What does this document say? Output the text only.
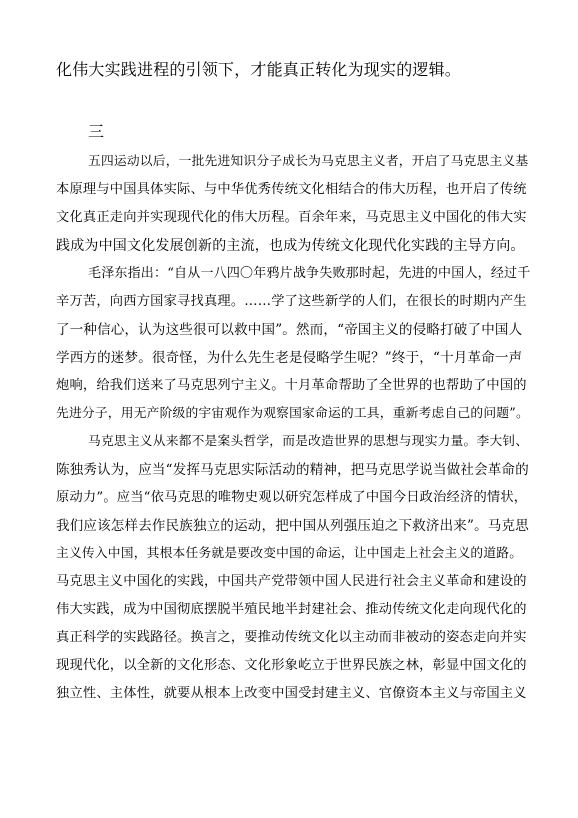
化伟大实践进程的引领下，才能真正转化为现实的逻辑。
三
五四运动以后，一批先进知识分子成长为马克思主义者，开启了马克思主义基
本原理与中国具体实际、与中华优秀传统文化相结合的伟大历程，也开启了传统
文化真正走向并实现现代化的伟大历程。百余年来，马克思主义中国化的伟大实
践成为中国文化发展创新的主流，也成为传统文化现代化实践的主导方向。
毛泽东指出：“自从一八四〇年鸦片战争失败那时起，先进的中国人，经过千
辛万苦，向西方国家寻找真理。……学了这些新学的人们，在很长的时期内产生
了一种信心，认为这些很可以救中国”。然而，“帝国主义的侵略打破了中国人
学西方的迷梦。很奇怪，为什么先生老是侵略学生呢？”终于，“十月革命一声
炮响，给我们送来了马克思列宁主义。十月革命帮助了全世界的也帮助了中国的
先进分子，用无产阶级的宇宙观作为观察国家命运的工具，重新考虑自己的问题”。
马克思主义从来都不是案头哲学，而是改造世界的思想与现实力量。李大钊、
陈独秀认为，应当“发挥马克思实际活动的精神，把马克思学说当做社会革命的
原动力”。应当“依马克思的唯物史观以研究怎样成了中国今日政治经济的情状，
我们应该怎样去作民族独立的运动，把中国从列强压迫之下救济出来”。马克思
主义传入中国，其根本任务就是要改变中国的命运，让中国走上社会主义的道路。
马克思主义中国化的实践，中国共产党带领中国人民进行社会主义革命和建设的
伟大实践，成为中国彻底摆脱半殖民地半封建社会、推动传统文化走向现代化的
真正科学的实践路径。换言之，要推动传统文化以主动而非被动的姿态走向并实
现现代化，以全新的文化形态、文化形象屹立于世界民族之林，彰显中国文化的
独立性、主体性，就要从根本上改变中国受封建主义、官僚资本主义与帝国主义
